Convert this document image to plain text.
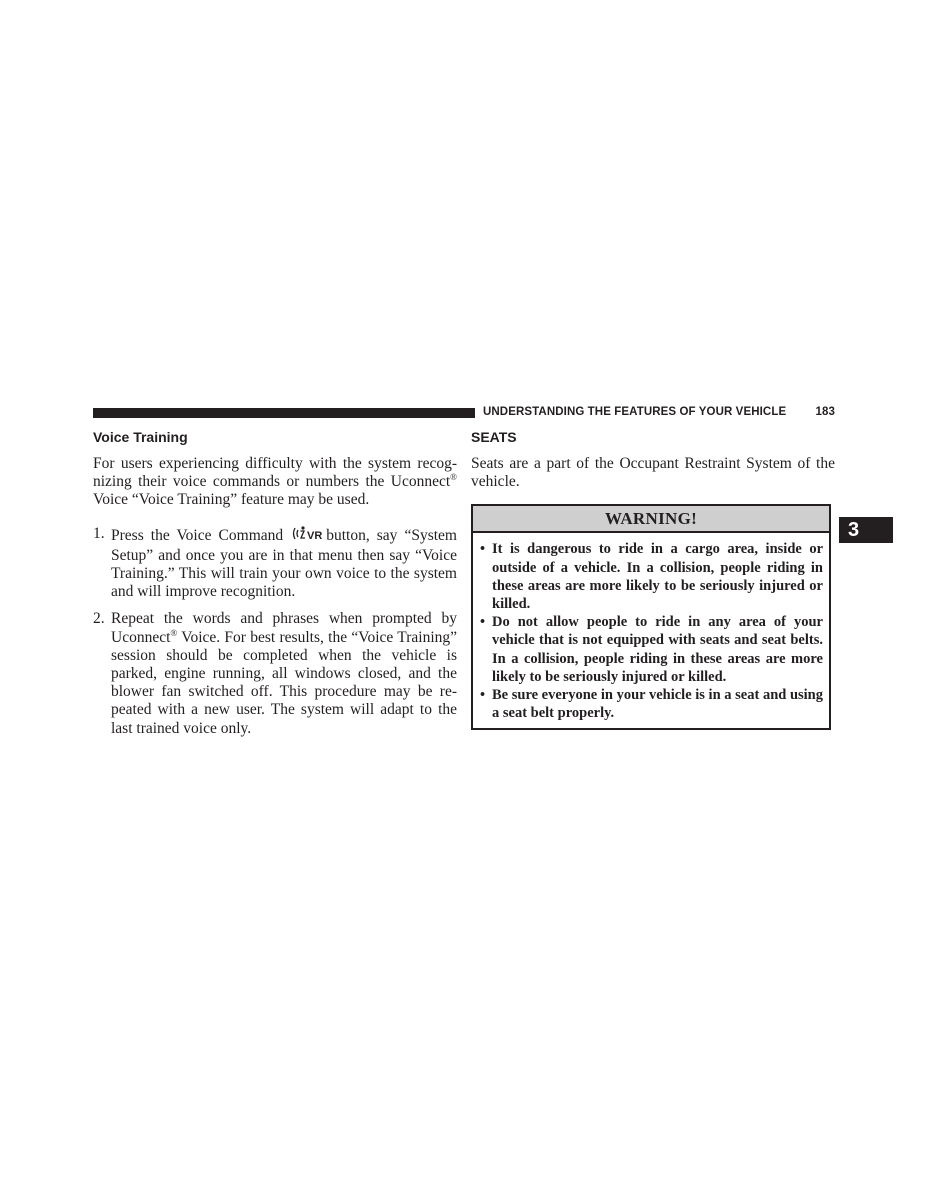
UNDERSTANDING THE FEATURES OF YOUR VEHICLE	183
Voice Training

For users experiencing difficulty with the system recog- nizing their voice commands or numbers the Uconnect® Voice “Voice Training” feature may be used.

1. Press the Voice Command VR button, say “System Setup” and once you are in that menu then say “Voice Training.” This will train your own voice to the system and will improve recognition.
2. Repeat the words and phrases when prompted by Uconnect® Voice. For best results, the “Voice Training” session should be completed when the vehicle is parked, engine running, all windows closed, and the blower fan switched off. This procedure may be re- peated with a new user. The system will adapt to the last trained voice only.
SEATS

Seats are a part of the Occupant Restraint System of the vehicle.

WARNING!
• It is dangerous to ride in a cargo area, inside or outside of a vehicle. In a collision, people riding in these areas are more likely to be seriously injured or killed.
• Do not allow people to ride in any area of your vehicle that is not equipped with seats and seat belts. In a collision, people riding in these areas are more likely to be seriously injured or killed.
• Be sure everyone in your vehicle is in a seat and using a seat belt properly.
3
